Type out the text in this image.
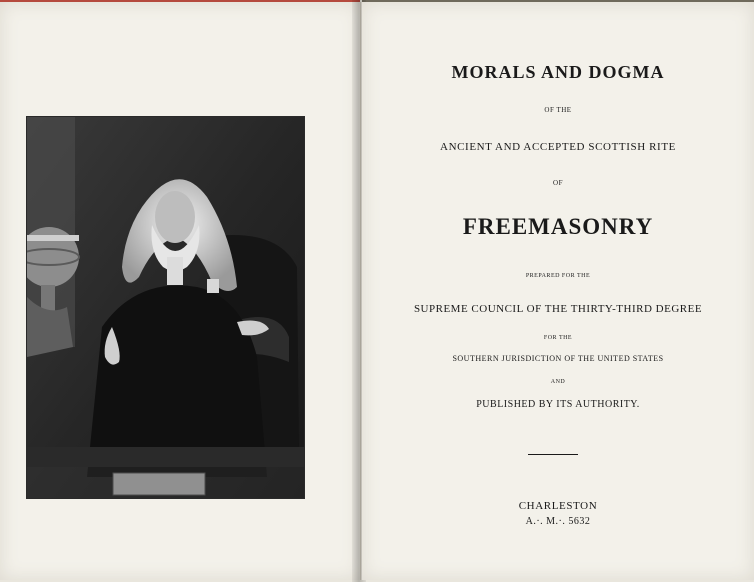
MORALS AND DOGMA
OF THE
ANCIENT AND ACCEPTED SCOTTISH RITE
OF
FREEMASONRY
PREPARED FOR THE
SUPREME COUNCIL OF THE THIRTY-THIRD DEGREE
FOR THE
SOUTHERN JURISDICTION OF THE UNITED STATES
AND
PUBLISHED BY ITS AUTHORITY.
CHARLESTON
A.·. M.·. 5632
